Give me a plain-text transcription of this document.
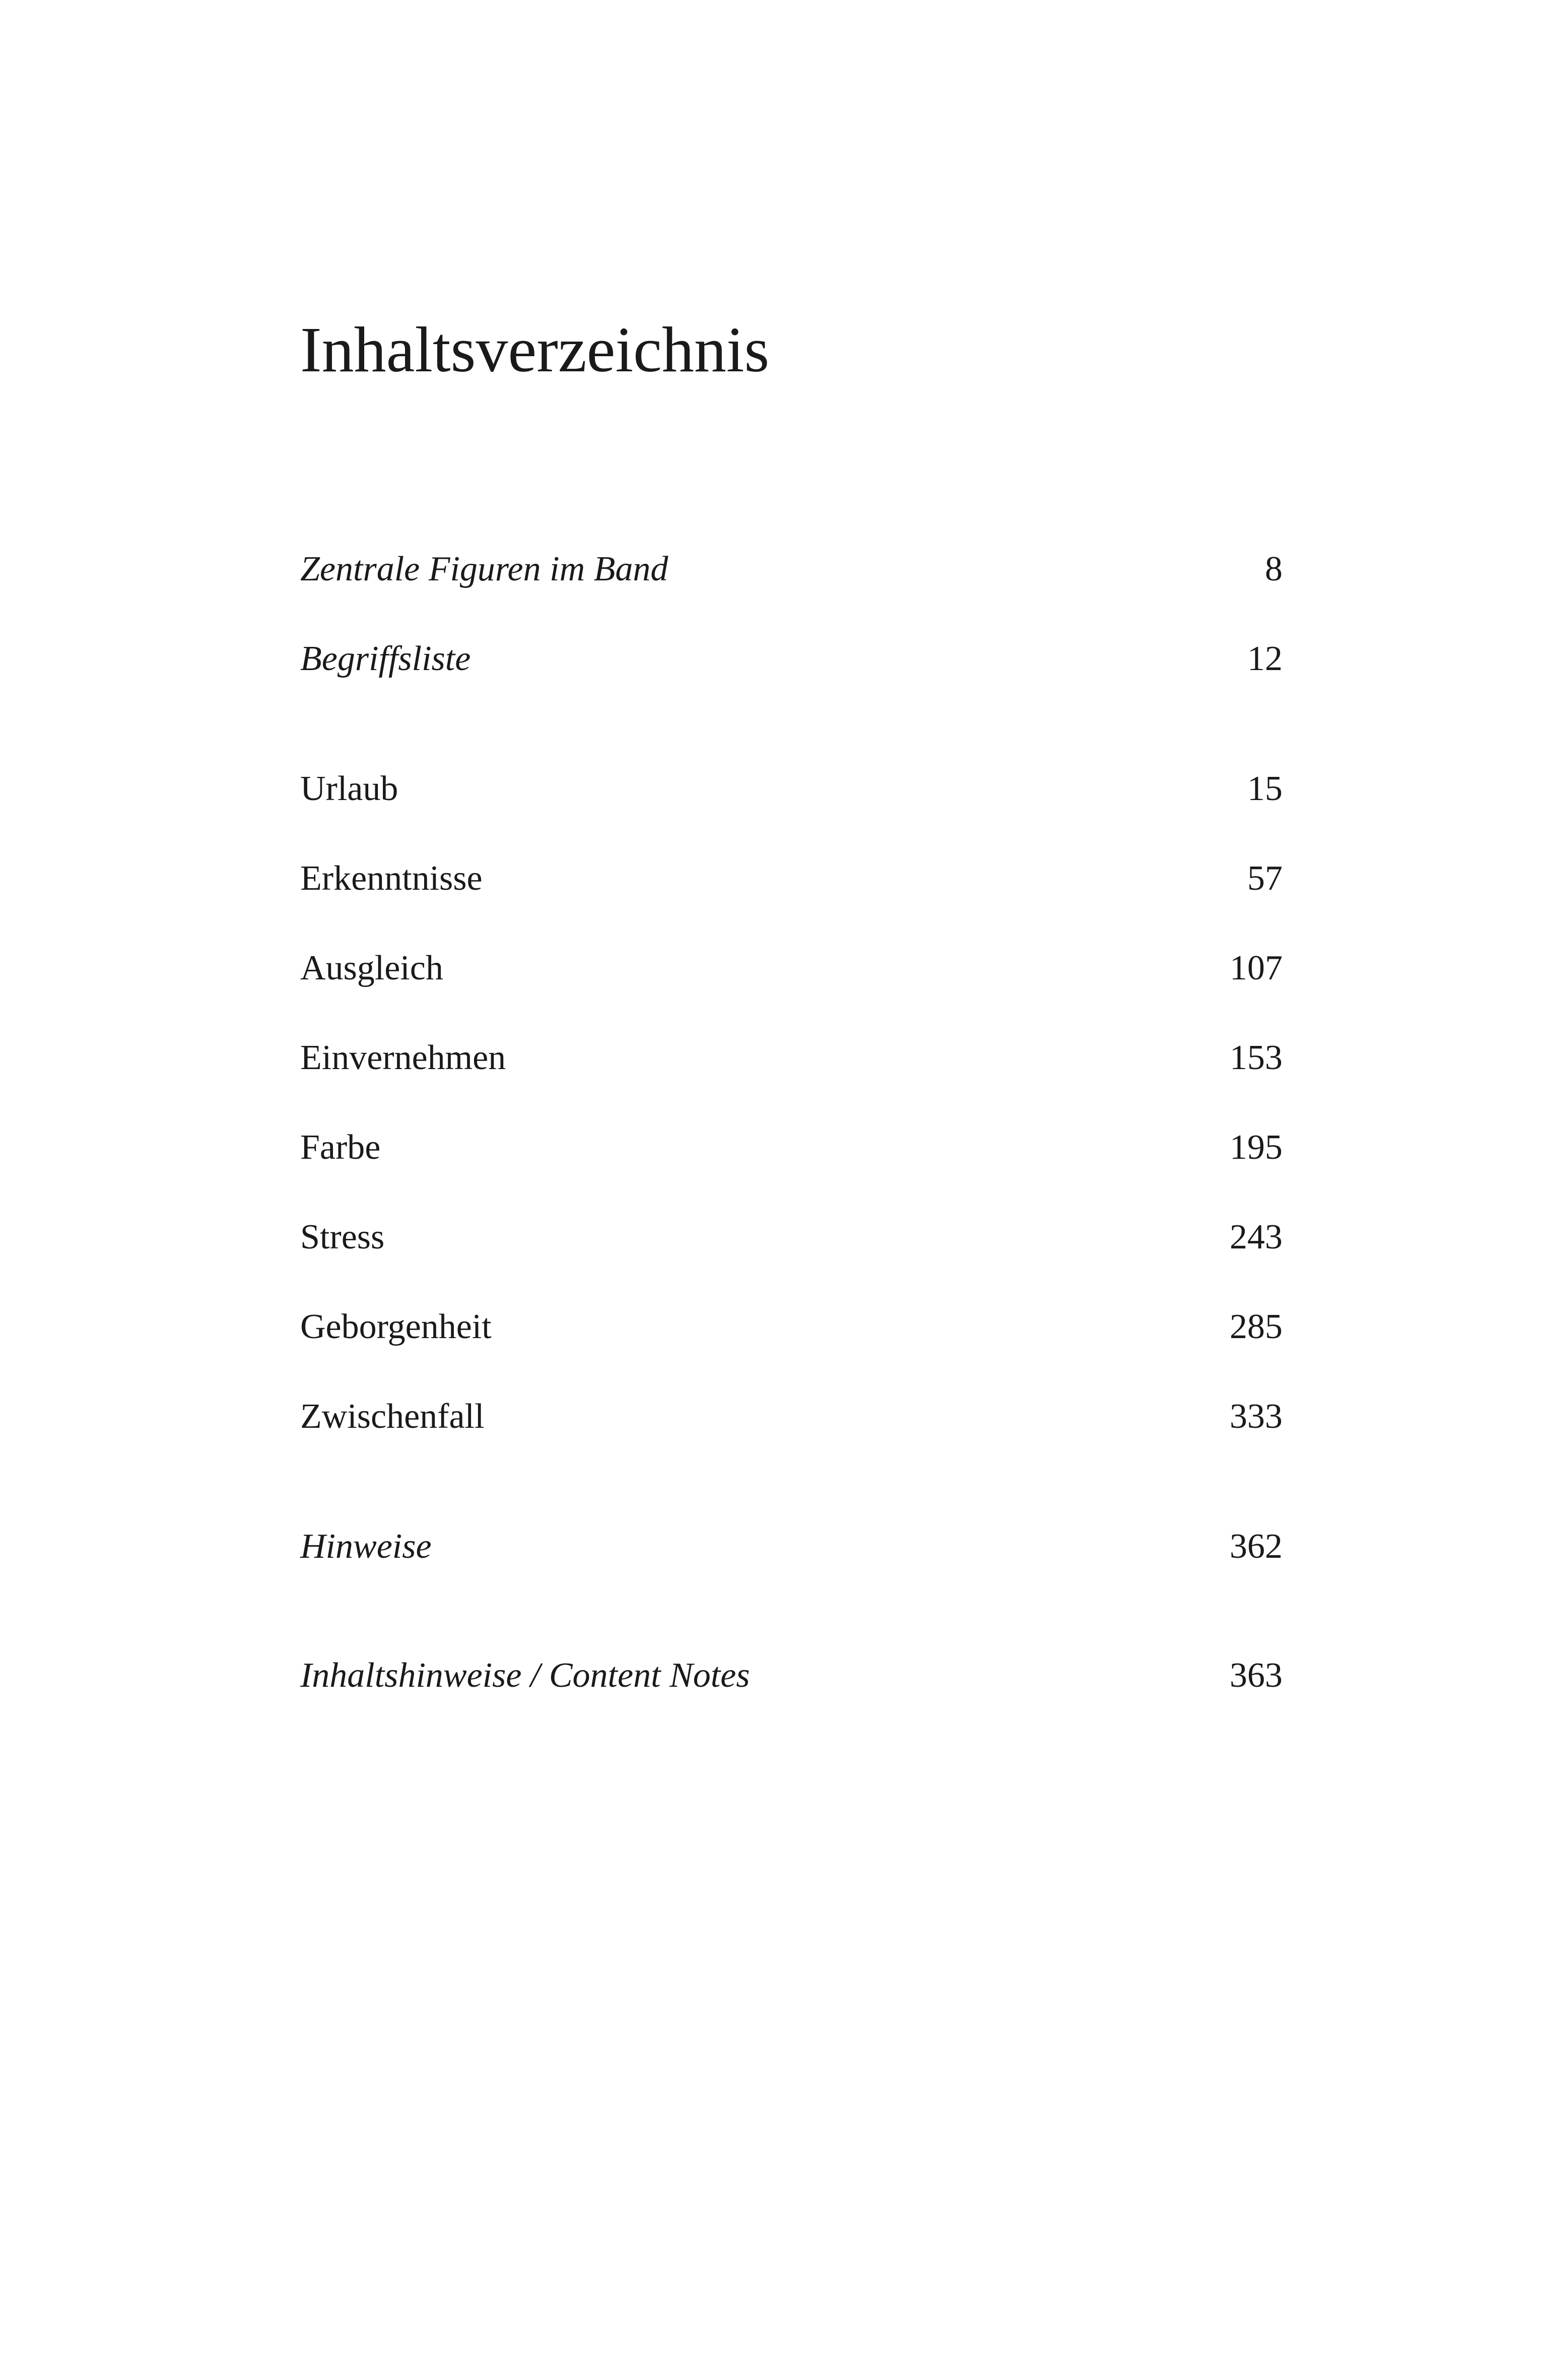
Inhaltsverzeichnis
Zentrale Figuren im Band	8
Begriffsliste	12
Urlaub	15
Erkenntnisse	57
Ausgleich	107
Einvernehmen	153
Farbe	195
Stress	243
Geborgenheit	285
Zwischenfall	333
Hinweise	362
Inhaltshinweise / Content Notes	363
